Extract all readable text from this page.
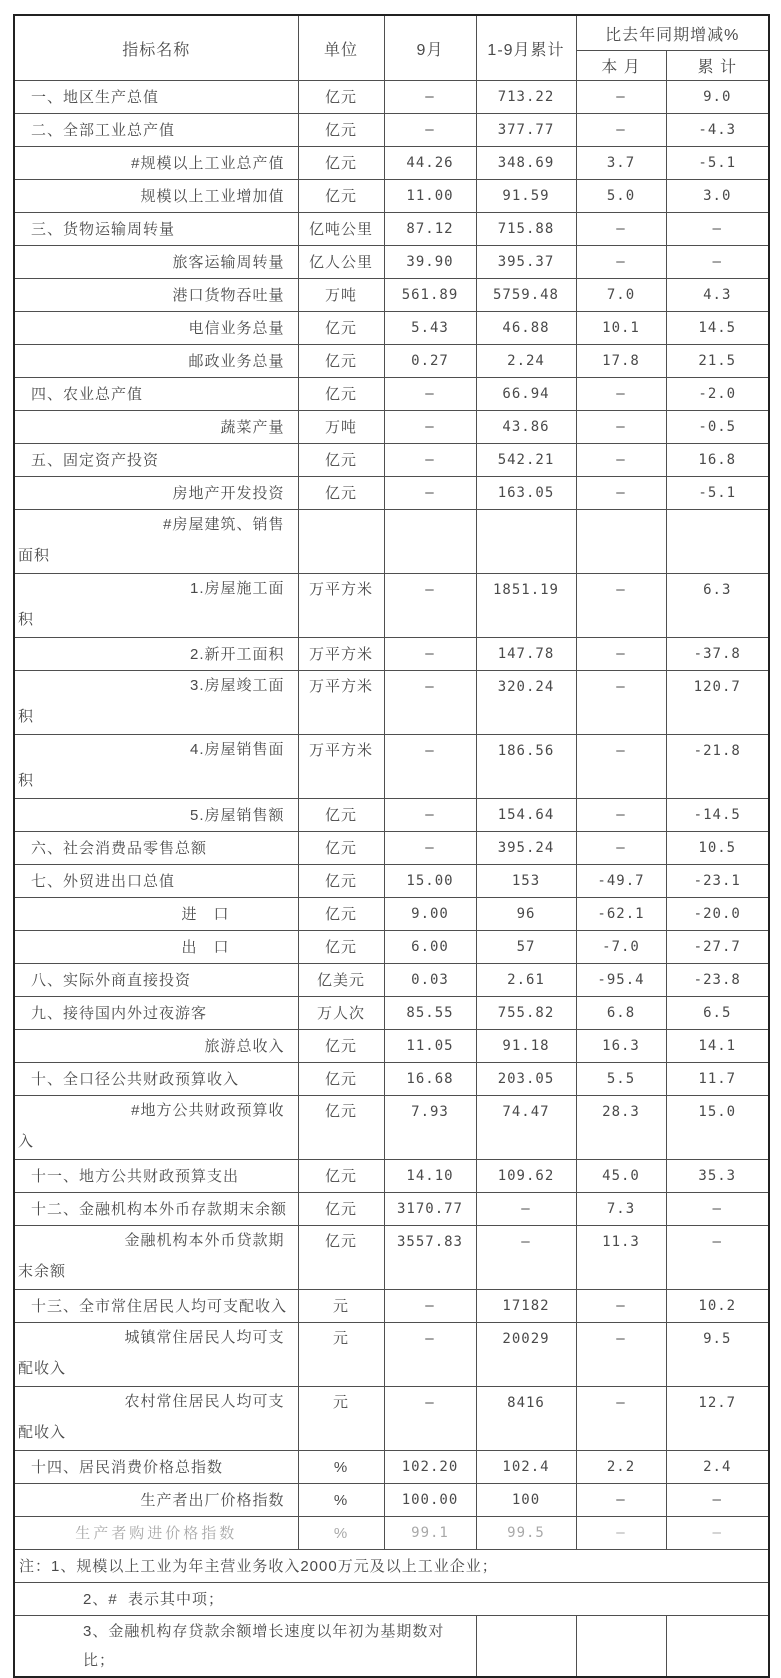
指标名称	单位	9月	1-9月累计	比去年同期增减%	
				本 月	累 计
一、地区生产总值	亿元	—	713.22	—	9.0
二、全部工业总产值	亿元	—	377.77	—	-4.3
#规模以上工业总产值	亿元	44.26	348.69	3.7	-5.1
规模以上工业增加值	亿元	11.00	91.59	5.0	3.0
三、货物运输周转量	亿吨公里	87.12	715.88	—	—
旅客运输周转量	亿人公里	39.90	395.37	—	—
港口货物吞吐量	万吨	561.89	5759.48	7.0	4.3
电信业务总量	亿元	5.43	46.88	10.1	14.5
邮政业务总量	亿元	0.27	2.24	17.8	21.5
四、农业总产值	亿元	—	66.94	—	-2.0
蔬菜产量	万吨	—	43.86	—	-0.5
五、固定资产投资	亿元	—	542.21	—	16.8
房地产开发投资	亿元	—	163.05	—	-5.1

#房屋建筑、销售
面积					

1.房屋施工面
积	万平方米	—	1851.19	—	6.3
2.新开工面积	万平方米	—	147.78	—	-37.8

3.房屋竣工面
积	万平方米	—	320.24	—	120.7

4.房屋销售面
积	万平方米	—	186.56	—	-21.8
5.房屋销售额	亿元	—	154.64	—	-14.5
六、社会消费品零售总额	亿元	—	395.24	—	10.5
七、外贸进出口总值	亿元	15.00	153	-49.7	-23.1
进　口	亿元	9.00	96	-62.1	-20.0
出　口	亿元	6.00	57	-7.0	-27.7
八、实际外商直接投资	亿美元	0.03	2.61	-95.4	-23.8
九、接待国内外过夜游客	万人次	85.55	755.82	6.8	6.5
旅游总收入	亿元	11.05	91.18	16.3	14.1
十、全口径公共财政预算收入	亿元	16.68	203.05	5.5	11.7

#地方公共财政预算收
入	亿元	7.93	74.47	28.3	15.0
十一、地方公共财政预算支出	亿元	14.10	109.62	45.0	35.3
十二、金融机构本外币存款期末余额	亿元	3170.77	—	7.3	—

金融机构本外币贷款期
末余额	亿元	3557.83	—	11.3	—
十三、全市常住居民人均可支配收入	元	—	17182	—	10.2

城镇常住居民人均可支
配收入	元	—	20029	—	9.5

农村常住居民人均可支
配收入	元	—	8416	—	12.7
十四、居民消费价格总指数	%	102.20	102.4	2.2	2.4
生产者出厂价格指数	%	100.00	100	—	—
生产者购进价格指数	%	99.1	99.5	—	—
注：1、规模以上工业为年主营业务收入2000万元及以上工业企业；					
2、#  表示其中项；					
3、金融机构存贷款余额增长速度以年初为基期数对比；					
